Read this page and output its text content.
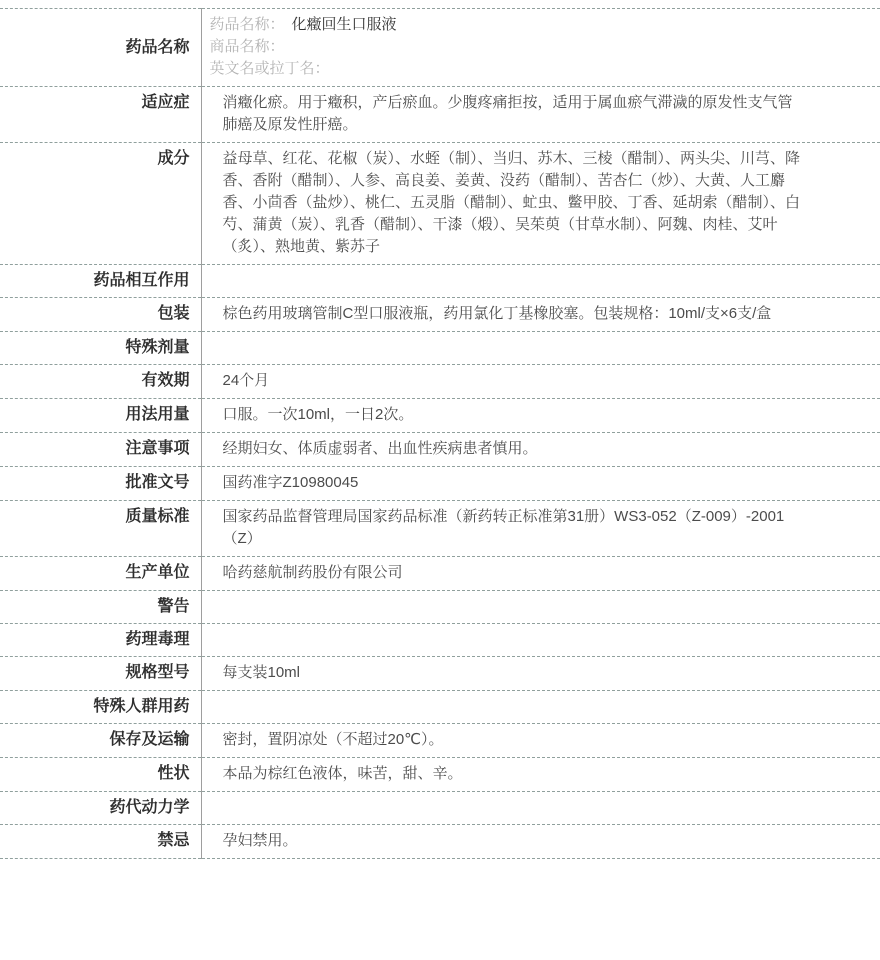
药品名称	药品名称： 化癥回生口服液
商品名称：
英文名或拉丁名：

适应症	消癥化瘀。用于癥积，产后瘀血。少腹疼痛拒按，适用于属血瘀气滞濊的原发性支气管肺癌及原发性肝癌。
成分	益母草、红花、花椒（炭）、水蛭（制）、当归、苏木、三棱（醋制）、两头尖、川芎、降香、香附（醋制）、人参、高良姜、姜黄、没药（醋制）、苦杏仁（炒）、大黄、人工麝香、小茴香（盐炒）、桃仁、五灵脂（醋制）、虻虫、鳖甲胶、丁香、延胡索（醋制）、白芍、蒲黄（炭）、乳香（醋制）、干漆（煅）、吴茱萸（甘草水制）、阿魏、肉桂、艾叶（炙）、熟地黄、紫苏子
药品相互作用	
包装	棕色药用玻璃管制C型口服液瓶，药用氯化丁基橡胶塞。包装规格：10ml/支×6支/盒
特殊剂量	
有效期	24个月
用法用量	口服。一次10ml，一日2次。
注意事项	经期妇女、体质虚弱者、出血性疾病患者慎用。
批准文号	国药准字Z10980045
质量标准	国家药品监督管理局国家药品标准（新药转正标准第31册）WS3-052（Z-009）-2001（Z）
生产单位	哈药慈航制药股份有限公司
警告	
药理毒理	
规格型号	每支装10ml
特殊人群用药	
保存及运输	密封，置阴凉处（不超过20℃）。
性状	本品为棕红色液体，味苦，甜、辛。
药代动力学	
禁忌	孕妇禁用。
